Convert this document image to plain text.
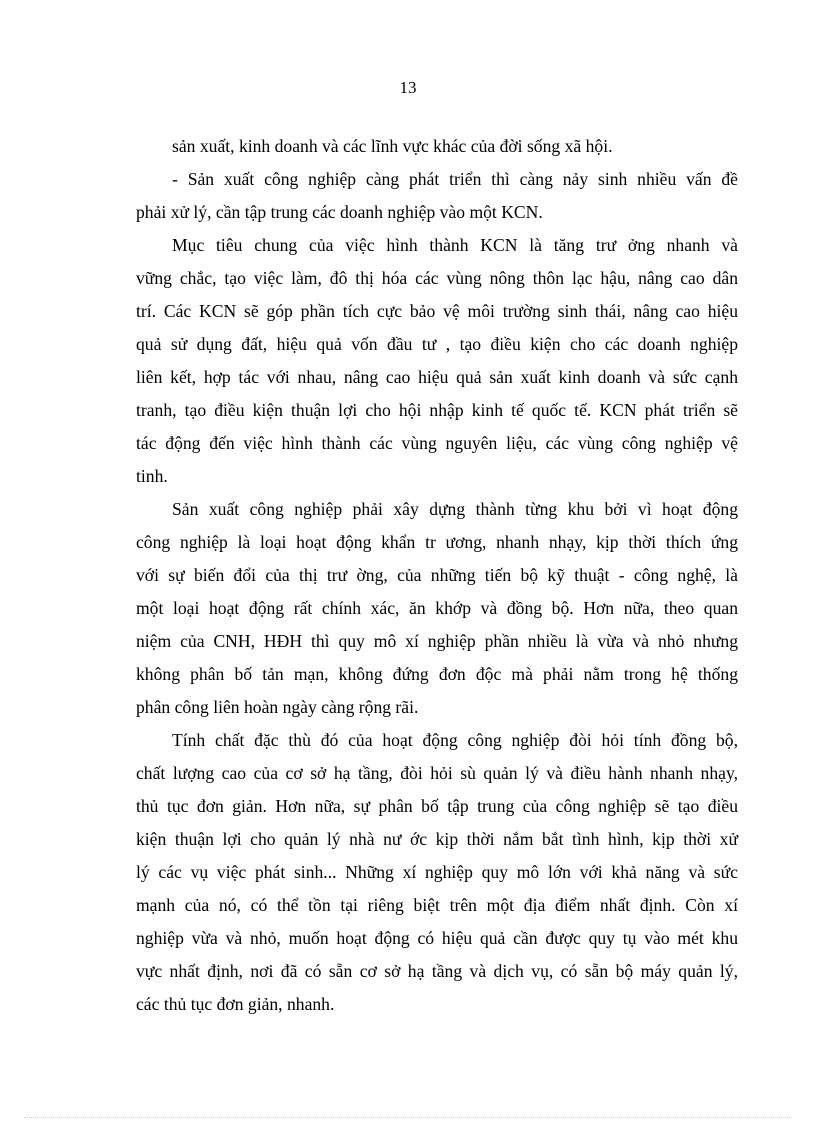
13
sản xuất, kinh doanh và các lĩnh vực khác của đời sống xã hội.
- Sản xuất công nghiệp càng phát triển thì càng nảy sinh nhiều vấn đề
phải xử lý, cần tập trung các doanh nghiệp vào một KCN.
Mục tiêu chung của việc hình thành KCN là tăng trư ởng nhanh và
vững chắc, tạo việc làm, đô thị hóa các vùng nông thôn lạc hậu, nâng cao dân
trí. Các KCN sẽ góp phần tích cực bảo vệ môi trường sinh thái, nâng cao hiệu
quả sử dụng đất, hiệu quả vốn đầu tư , tạo điều kiện cho các doanh nghiệp
liên kết, hợp tác với nhau, nâng cao hiệu quả sản xuất kinh doanh và sức cạnh
tranh, tạo điều kiện thuận lợi cho hội nhập kinh tế quốc tế. KCN phát triển sẽ
tác động đến việc hình thành các vùng nguyên liệu, các vùng công nghiệp vệ
tinh.
Sản xuất công nghiệp phải xây dựng thành từng khu bởi vì hoạt động
công nghiệp là loại hoạt động khẩn tr ương, nhanh nhạy, kịp thời thích ứng
với sự biến đổi của thị trư ờng, của những tiến bộ kỹ thuật - công nghệ, là
một loại hoạt động rất chính xác, ăn khớp và đồng bộ. Hơn nữa, theo quan
niệm của CNH, HĐH thì quy mô xí nghiệp phần nhiều là vừa và nhỏ nhưng
không phân bố tản mạn, không đứng đơn độc mà phải nằm trong hệ thống
phân công liên hoàn ngày càng rộng rãi.
Tính chất đặc thù đó của hoạt động công nghiệp đòi hỏi tính đồng bộ,
chất lượng cao của cơ sở hạ tầng, đòi hỏi sù quản lý và điều hành nhanh nhạy,
thủ tục đơn giản. Hơn nữa, sự phân bố tập trung của công nghiệp sẽ tạo điều
kiện thuận lợi cho quản lý nhà nư ớc kịp thời nắm bắt tình hình, kịp thời xử
lý các vụ việc phát sinh... Những xí nghiệp quy mô lớn với khả năng và sức
mạnh của nó, có thể tồn tại riêng biệt trên một địa điểm nhất định. Còn xí
nghiệp vừa và nhỏ, muốn hoạt động có hiệu quả cần được quy tụ vào mét khu
vực nhất định, nơi đã có sẵn cơ sở hạ tầng và dịch vụ, có sẵn bộ máy quản lý,
các thủ tục đơn giản, nhanh.
